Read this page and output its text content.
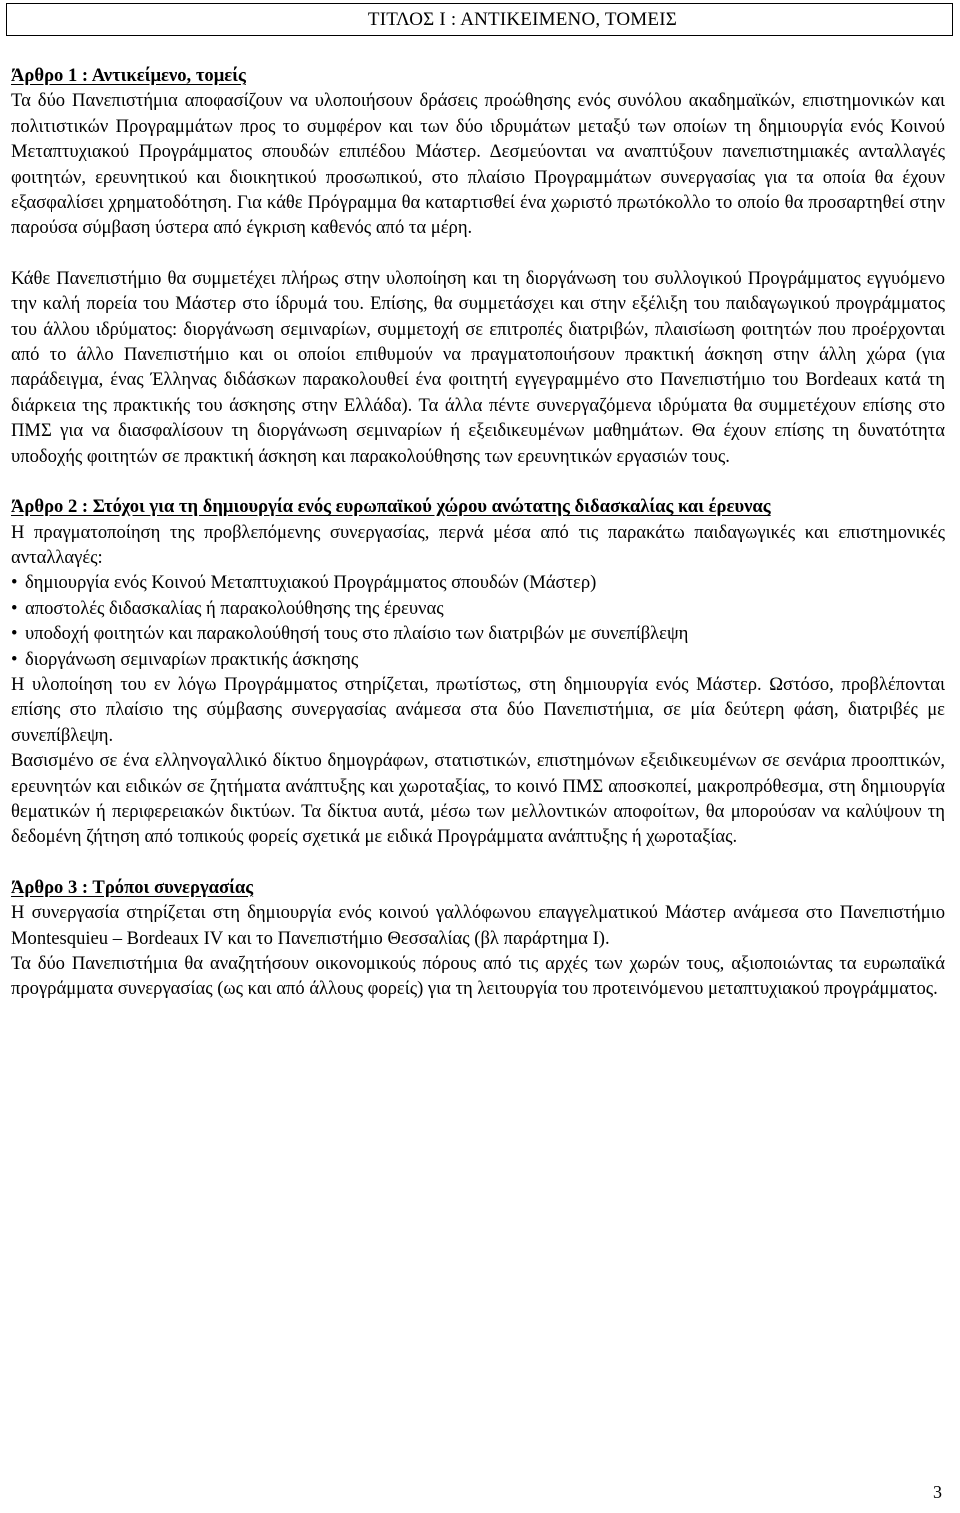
ΤΙΤΛΟΣ Ι : ΑΝΤΙΚΕΙΜΕΝΟ, ΤΟΜΕΙΣ
Άρθρο 1 : Αντικείμενο, τομείς

Τα δύο Πανεπιστήμια αποφασίζουν να υλοποιήσουν δράσεις προώθησης ενός συνόλου ακαδημαϊκών, επιστημονικών και πολιτιστικών Προγραμμάτων προς το συμφέρον και των δύο ιδρυμάτων μεταξύ των οποίων τη δημιουργία ενός Κοινού Μεταπτυχιακού Προγράμματος σπουδών επιπέδου Μάστερ. Δεσμεύονται να αναπτύξουν πανεπιστημιακές ανταλλαγές φοιτητών, ερευνητικού και διοικητικού προσωπικού, στο πλαίσιο Προγραμμάτων συνεργασίας για τα οποία θα έχουν εξασφαλίσει χρηματοδότηση. Για κάθε Πρόγραμμα θα καταρτισθεί ένα χωριστό πρωτόκολλο το οποίο θα προσαρτηθεί στην παρούσα σύμβαση ύστερα από έγκριση καθενός από τα μέρη.

Κάθε Πανεπιστήμιο θα συμμετέχει πλήρως στην υλοποίηση και τη διοργάνωση του συλλογικού Προγράμματος εγγυόμενο την καλή πορεία του Μάστερ στο ίδρυμά του. Επίσης, θα συμμετάσχει και στην εξέλιξη του παιδαγωγικού προγράμματος του άλλου ιδρύματος: διοργάνωση σεμιναρίων, συμμετοχή σε επιτροπές διατριβών, πλαισίωση φοιτητών που προέρχονται από το άλλο Πανεπιστήμιο και οι οποίοι επιθυμούν να πραγματοποιήσουν πρακτική άσκηση στην άλλη χώρα (για παράδειγμα, ένας Έλληνας διδάσκων παρακολουθεί ένα φοιτητή εγγεγραμμένο στο Πανεπιστήμιο του Bordeaux κατά τη διάρκεια της πρακτικής του άσκησης στην Ελλάδα). Τα άλλα πέντε συνεργαζόμενα ιδρύματα θα συμμετέχουν επίσης στο ΠΜΣ για να διασφαλίσουν τη διοργάνωση σεμιναρίων ή εξειδικευμένων μαθημάτων. Θα έχουν επίσης τη δυνατότητα υποδοχής φοιτητών σε πρακτική άσκηση και παρακολούθησης των ερευνητικών εργασιών τους.

Άρθρο 2 : Στόχοι για τη δημιουργία ενός ευρωπαϊκού χώρου ανώτατης διδασκαλίας και έρευνας

Η πραγματοποίηση της προβλεπόμενης συνεργασίας, περνά μέσα από τις παρακάτω παιδαγωγικές και επιστημονικές ανταλλαγές:

• δημιουργία ενός Κοινού Μεταπτυχιακού Προγράμματος σπουδών (Μάστερ)
• αποστολές διδασκαλίας ή παρακολούθησης της έρευνας
• υποδοχή φοιτητών και παρακολούθησή τους στο πλαίσιο των διατριβών με συνεπίβλεψη
• διοργάνωση σεμιναρίων πρακτικής άσκησης

Η υλοποίηση του εν λόγω Προγράμματος στηρίζεται, πρωτίστως, στη δημιουργία ενός Μάστερ. Ωστόσο, προβλέπονται επίσης στο πλαίσιο της σύμβασης συνεργασίας ανάμεσα στα δύο Πανεπιστήμια, σε μία δεύτερη φάση, διατριβές με συνεπίβλεψη.

Βασισμένο σε ένα ελληνογαλλικό δίκτυο δημογράφων, στατιστικών, επιστημόνων εξειδικευμένων σε σενάρια προοπτικών, ερευνητών και ειδικών σε ζητήματα ανάπτυξης και χωροταξίας, το κοινό ΠΜΣ αποσκοπεί, μακροπρόθεσμα, στη δημιουργία θεματικών ή περιφερειακών δικτύων. Τα δίκτυα αυτά, μέσω των μελλοντικών αποφοίτων, θα μπορούσαν να καλύψουν τη δεδομένη ζήτηση από τοπικούς φορείς σχετικά με ειδικά Προγράμματα ανάπτυξης ή χωροταξίας.

Άρθρο 3 : Τρόποι συνεργασίας

Η συνεργασία στηρίζεται στη δημιουργία ενός κοινού γαλλόφωνου επαγγελματικού Μάστερ ανάμεσα στο Πανεπιστήμιο Montesquieu – Bordeaux IV και το Πανεπιστήμιο Θεσσαλίας (βλ παράρτημα Ι).

Τα δύο Πανεπιστήμια θα αναζητήσουν οικονομικούς πόρους από τις αρχές των χωρών τους, αξιοποιώντας τα ευρωπαϊκά προγράμματα συνεργασίας (ως και από άλλους φορείς) για τη λειτουργία του προτεινόμενου μεταπτυχιακού προγράμματος.

3
